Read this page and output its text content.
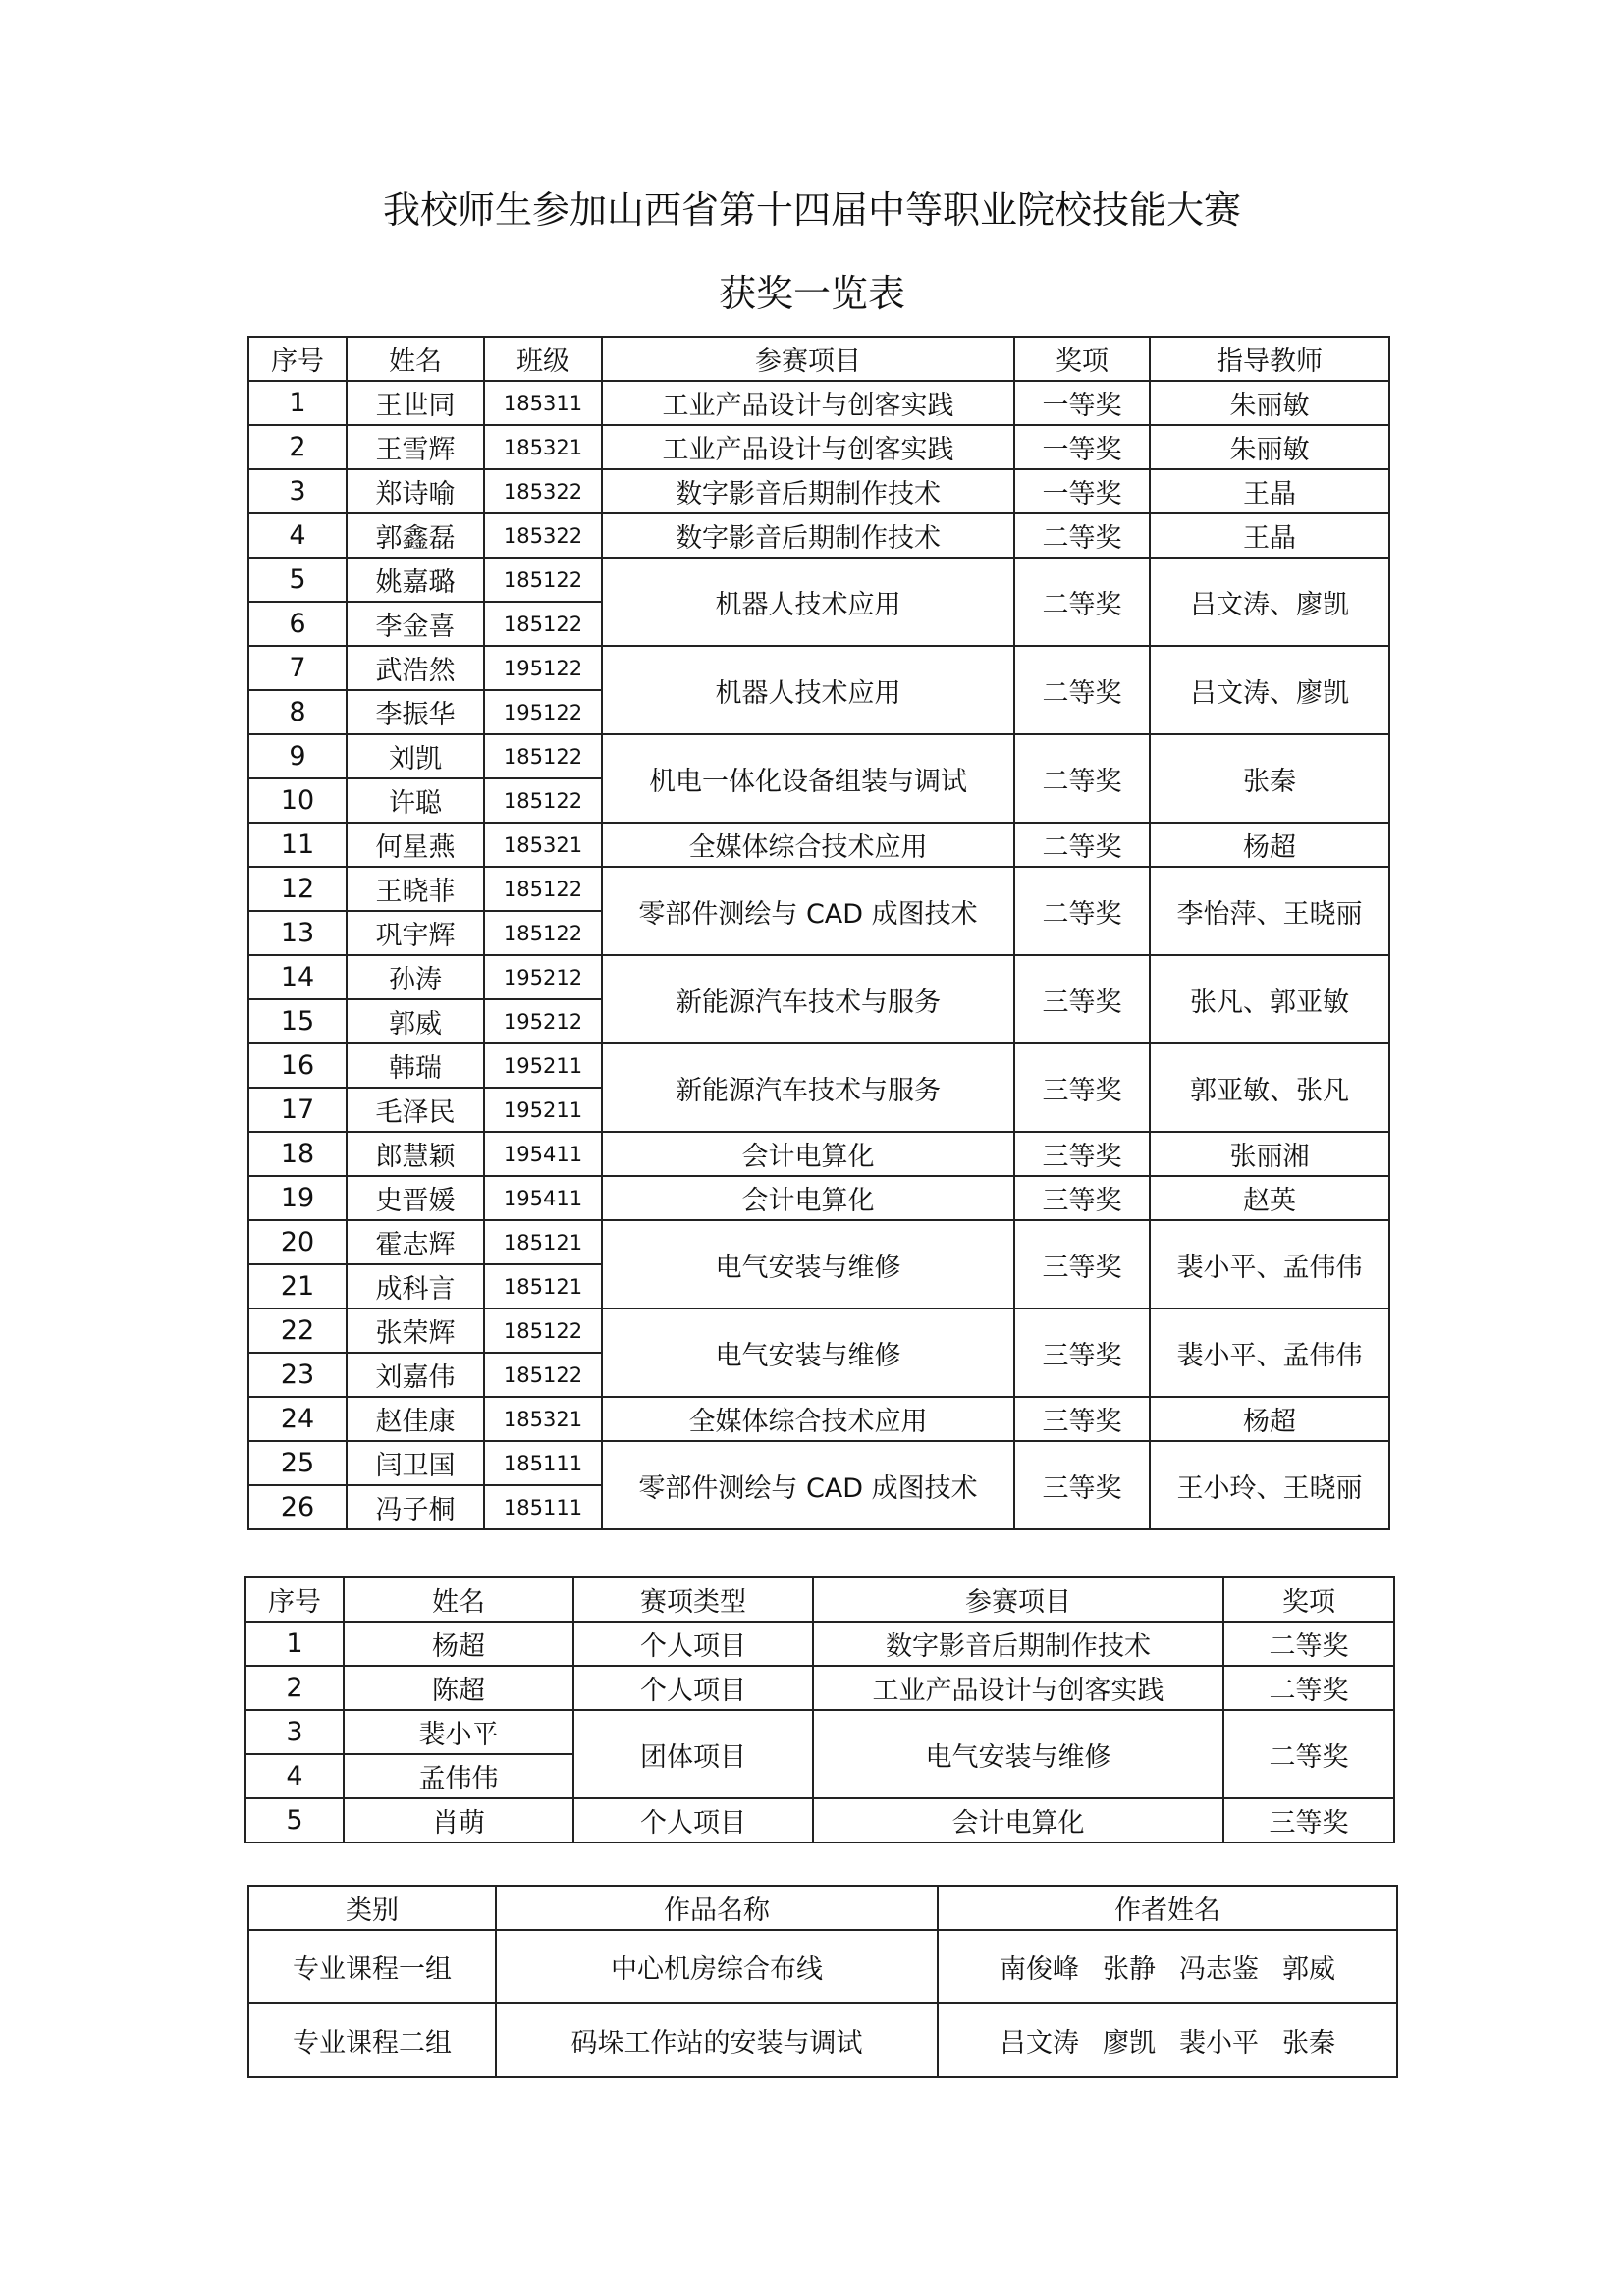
我校师生参加山西省第十四届中等职业院校技能大赛
获奖一览表
序号	姓名	班级	参赛项目	奖项	指导教师
1	王世同	185311	工业产品设计与创客实践	一等奖	朱丽敏
2	王雪辉	185321	工业产品设计与创客实践	一等奖	朱丽敏
3	郑诗喻	185322	数字影音后期制作技术	一等奖	王晶
4	郭鑫磊	185322	数字影音后期制作技术	二等奖	王晶
5	姚嘉璐	185122	机器人技术应用	二等奖	吕文涛、廖凯
6	李金喜	185122			
7	武浩然	195122	机器人技术应用	二等奖	吕文涛、廖凯
8	李振华	195122			
9	刘凯	185122	机电一体化设备组装与调试	二等奖	张秦
10	许聪	185122			
11	何星燕	185321	全媒体综合技术应用	二等奖	杨超
12	王晓菲	185122	零部件测绘与 CAD 成图技术	二等奖	李怡萍、王晓丽
13	巩宇辉	185122			
14	孙涛	195212	新能源汽车技术与服务	三等奖	张凡、郭亚敏
15	郭威	195212			
16	韩瑞	195211	新能源汽车技术与服务	三等奖	郭亚敏、张凡
17	毛泽民	195211			
18	郎慧颖	195411	会计电算化	三等奖	张丽湘
19	史晋媛	195411	会计电算化	三等奖	赵英
20	霍志辉	185121	电气安装与维修	三等奖	裴小平、孟伟伟
21	成科言	185121			
22	张荣辉	185122	电气安装与维修	三等奖	裴小平、孟伟伟
23	刘嘉伟	185122			
24	赵佳康	185321	全媒体综合技术应用	三等奖	杨超
25	闫卫国	185111	零部件测绘与 CAD 成图技术	三等奖	王小玲、王晓丽
26	冯子桐	185111			
序号	姓名	赛项类型	参赛项目	奖项
1	杨超	个人项目	数字影音后期制作技术	二等奖
2	陈超	个人项目	工业产品设计与创客实践	二等奖
3	裴小平	团体项目	电气安装与维修	二等奖
4	孟伟伟			
5	肖萌	个人项目	会计电算化	三等奖
类别	作品名称	作者姓名
专业课程一组	中心机房综合布线	南俊峰 张静 冯志鉴 郭威
专业课程二组	码垛工作站的安装与调试	吕文涛 廖凯 裴小平 张秦
